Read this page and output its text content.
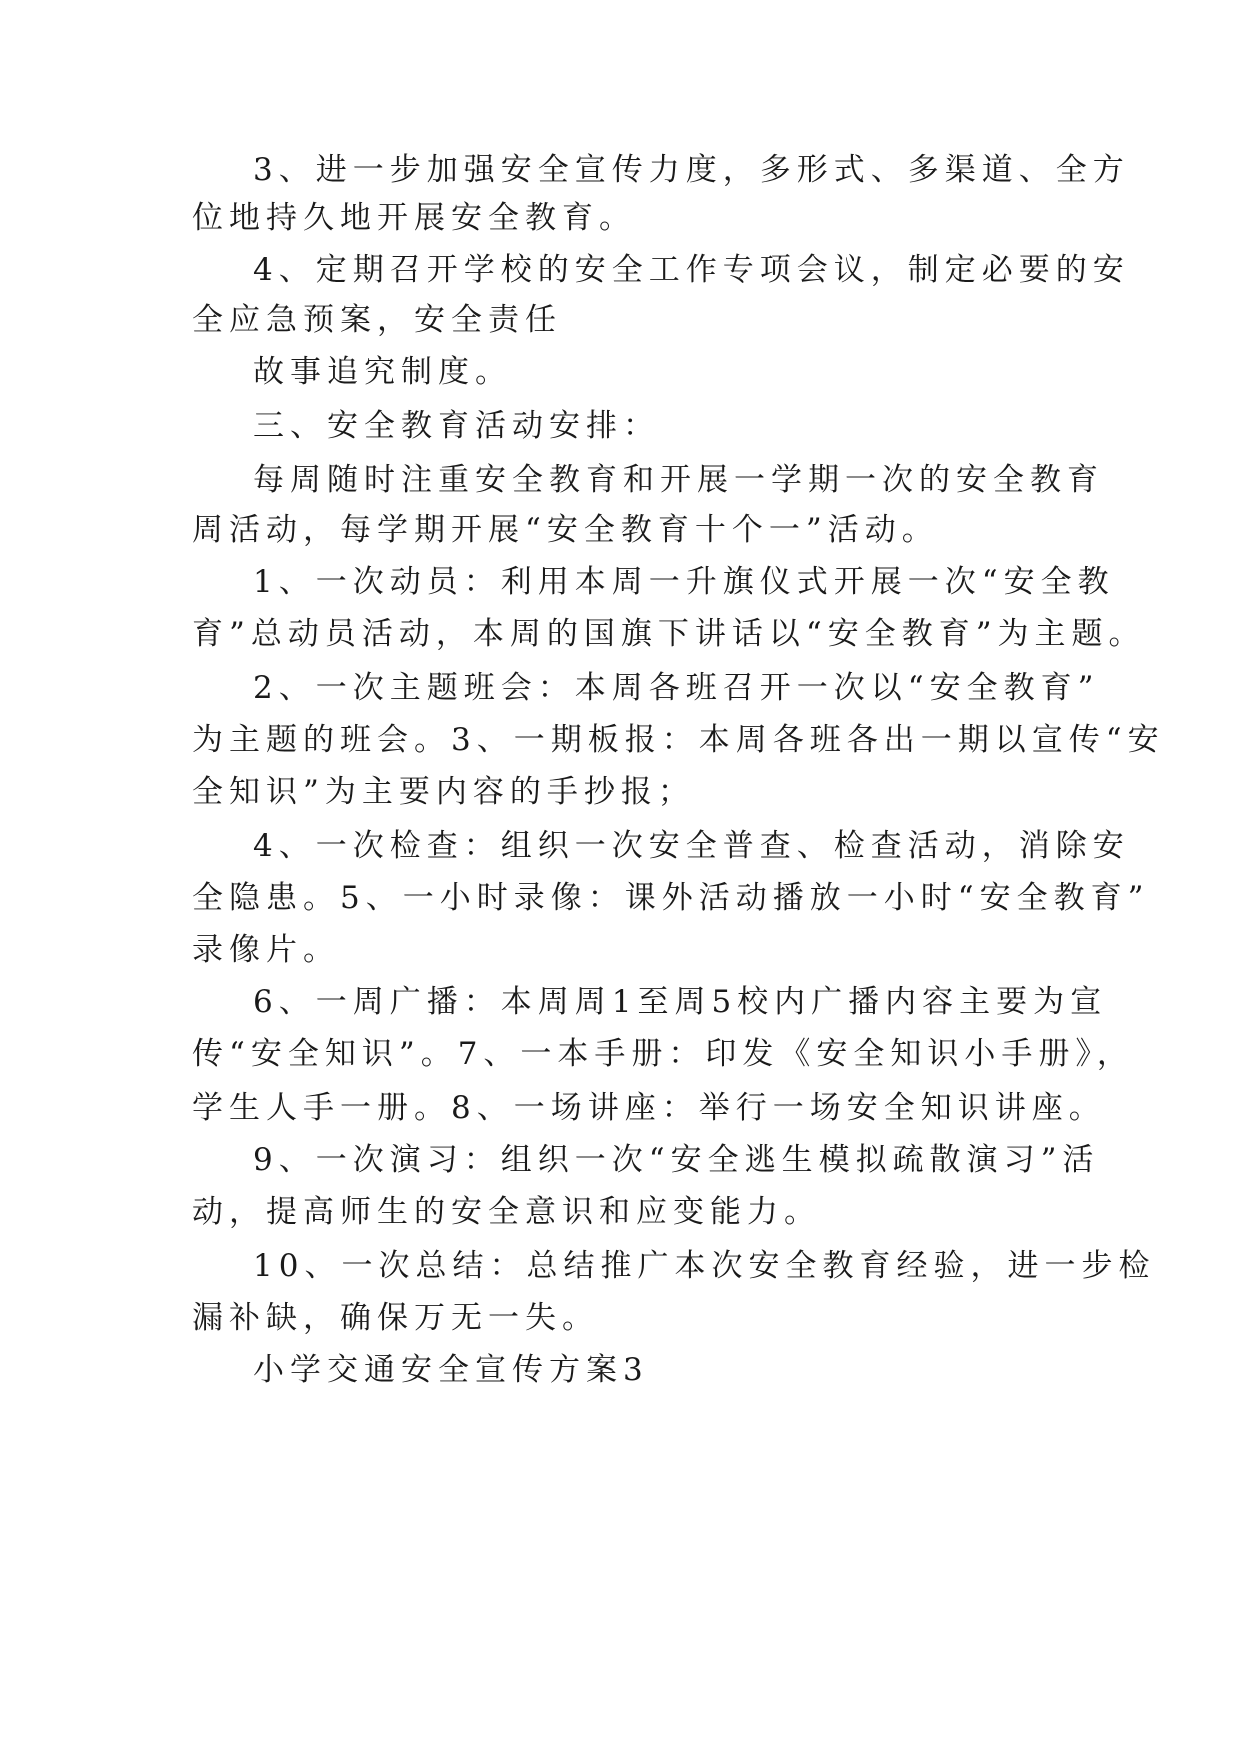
3、进一步加强安全宣传力度，多形式、多渠道、全方
位地持久地开展安全教育。
4、定期召开学校的安全工作专项会议，制定必要的安
全应急预案，安全责任
故事追究制度。
三、安全教育活动安排：
每周随时注重安全教育和开展一学期一次的安全教育
周活动，每学期开展“安全教育十个一”活动。
1、一次动员：利用本周一升旗仪式开展一次“安全教
育”总动员活动，本周的国旗下讲话以“安全教育”为主题。
2、一次主题班会：本周各班召开一次以“安全教育”
为主题的班会。3、一期板报：本周各班各出一期以宣传“安
全知识”为主要内容的手抄报；
4、一次检查：组织一次安全普查、检查活动，消除安
全隐患。5、一小时录像：课外活动播放一小时“安全教育”
录像片。
6、一周广播：本周周1至周5校内广播内容主要为宣
传“安全知识”。7、一本手册：印发《安全知识小手册》，
学生人手一册。8、一场讲座：举行一场安全知识讲座。
9、一次演习：组织一次“安全逃生模拟疏散演习”活
动，提高师生的安全意识和应变能力。
10、一次总结：总结推广本次安全教育经验，进一步检
漏补缺，确保万无一失。
小学交通安全宣传方案3
